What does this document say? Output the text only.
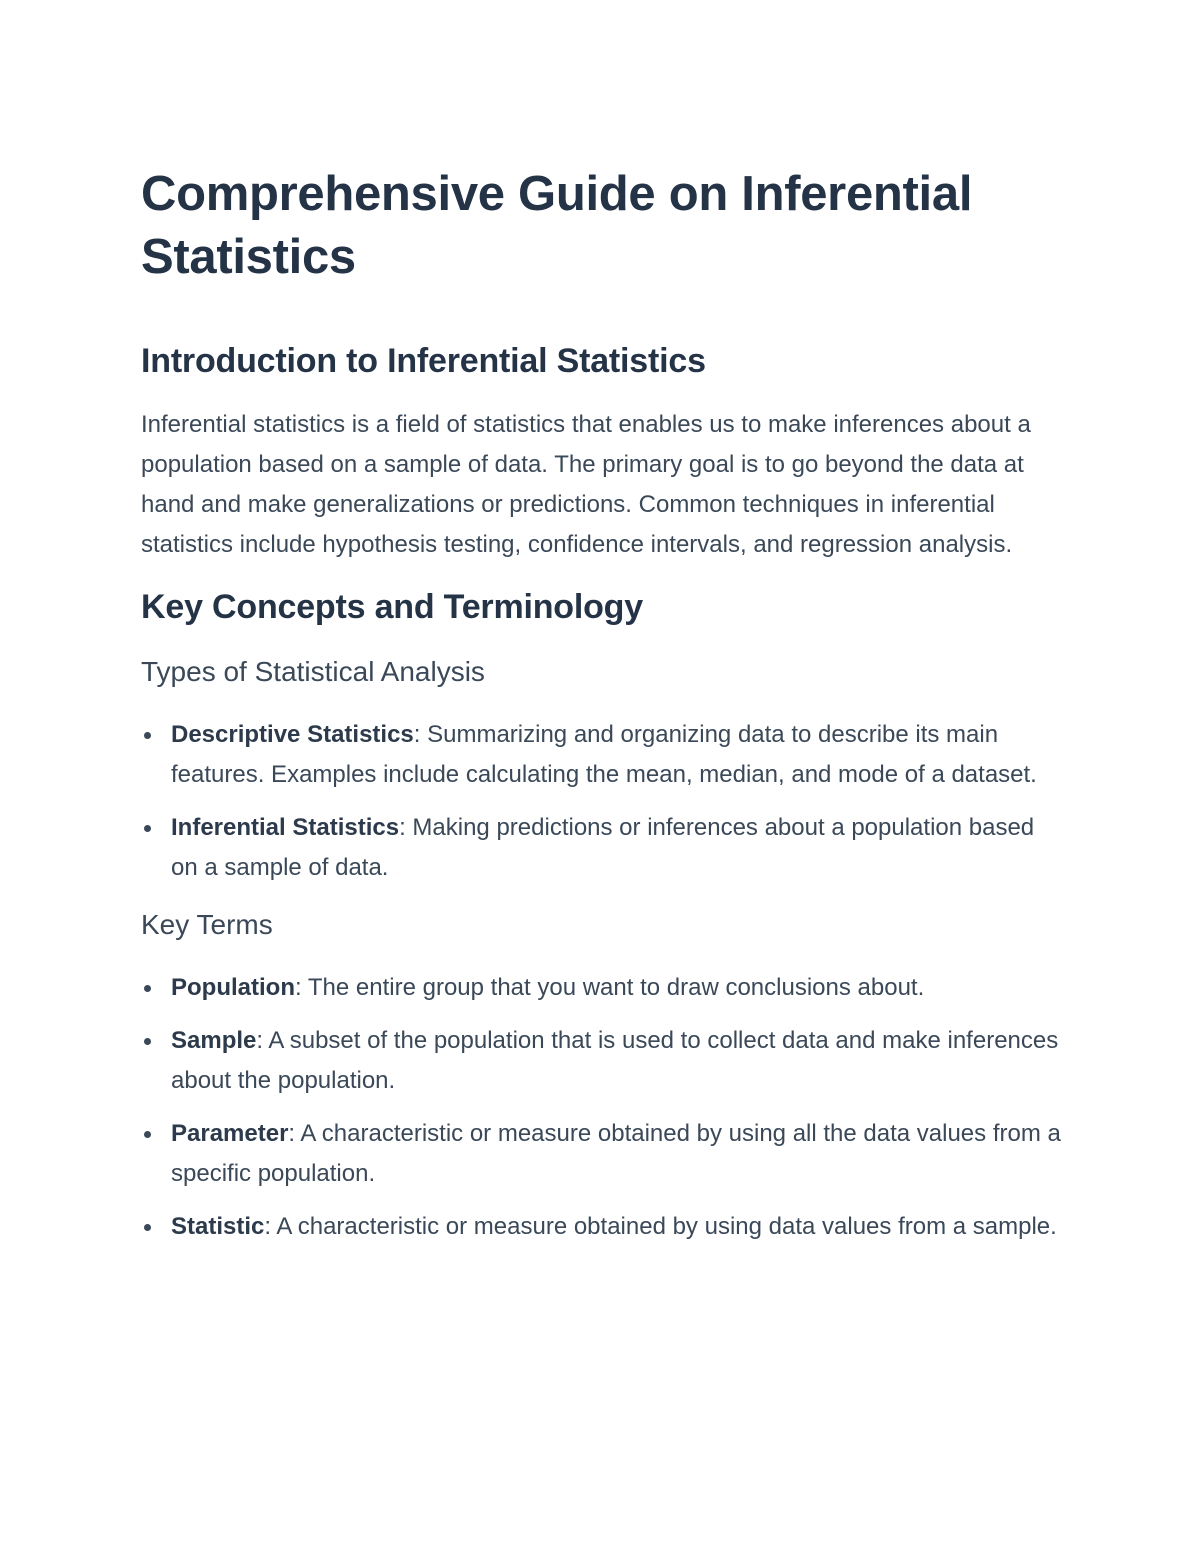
Comprehensive Guide on Inferential Statistics
Introduction to Inferential Statistics

Inferential statistics is a field of statistics that enables us to make inferences about a population based on a sample of data. The primary goal is to go beyond the data at hand and make generalizations or predictions. Common techniques in inferential statistics include hypothesis testing, confidence intervals, and regression analysis.

Key Concepts and Terminology
Types of Statistical Analysis
Descriptive Statistics: Summarizing and organizing data to describe its main features. Examples include calculating the mean, median, and mode of a dataset.
Inferential Statistics: Making predictions or inferences about a population based on a sample of data.
Key Terms
Population: The entire group that you want to draw conclusions about.
Sample: A subset of the population that is used to collect data and make inferences about the population.
Parameter: A characteristic or measure obtained by using all the data values from a specific population.
Statistic: A characteristic or measure obtained by using data values from a sample.
